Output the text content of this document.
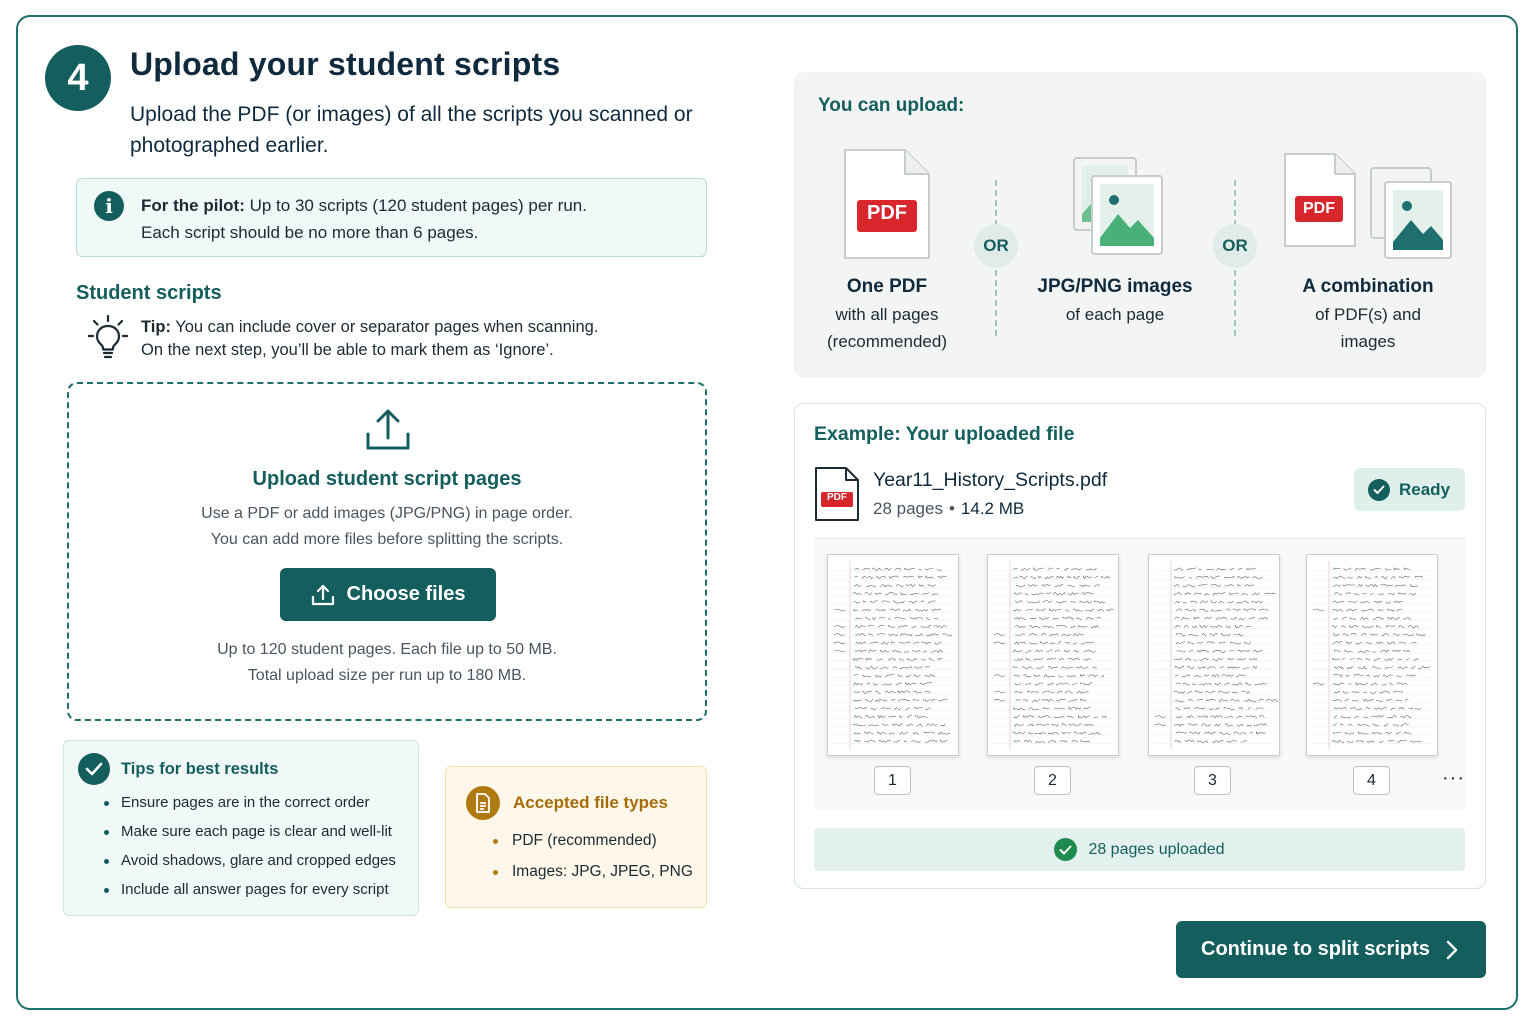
4	Upload your student scripts
Upload the PDF (or images) of all the scripts you scanned or photographed earlier.
i	For the pilot: Up to 30 scripts (120 student pages) per run.
Each script should be no more than 6 pages.
Student scripts
Tip: You can include cover or separator pages when scanning.
On the next step, you’ll be able to mark them as ‘Ignore’.
Upload student script pages
Use a PDF or add images (JPG/PNG) in page order.
You can add more files before splitting the scripts.
Choose files
Up to 120 student pages. Each file up to 50 MB.
Total upload size per run up to 180 MB.
Tips for best results
Ensure pages are in the correct order
Make sure each page is clear and well-lit
Avoid shadows, glare and cropped edges
Include all answer pages for every script
Accepted file types
PDF (recommended)
Images: JPG, JPEG, PNG
You can upload:
PDF
One PDF
with all pages
(recommended)
OR
JPG/PNG images
of each page
OR
PDF
A combination
of PDF(s) and
images
Example: Your uploaded file
PDF
Year11_History_Scripts.pdf
28 pages • 14.2 MB
Ready
1	2	3	4	···
28 pages uploaded
Continue to split scripts
